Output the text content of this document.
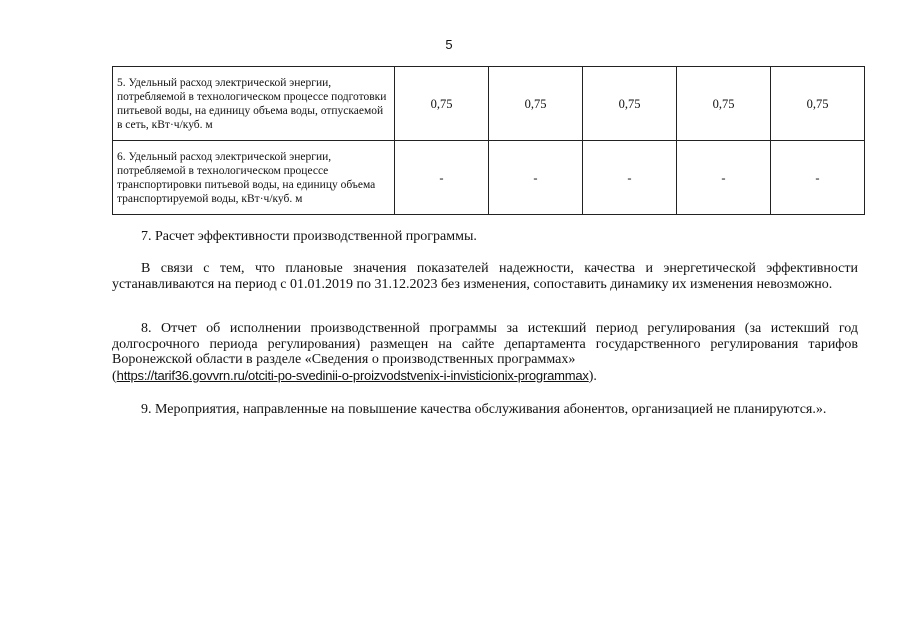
5
5. Удельный расход электрической энергии, потребляемой в технологическом процессе подготовки питьевой воды, на единицу объема воды, отпускаемой в сеть, кВт·ч/куб. м	0,75	0,75	0,75	0,75	0,75
6. Удельный расход электрической энергии, потребляемой в технологическом процессе транспортировки питьевой воды, на единицу объема транспортируемой воды, кВт·ч/куб. м	-	-	-	-	-

7. Расчет эффективности производственной программы.

В связи с тем, что плановые значения показателей надежности, качества и энергетической эффективности устанавливаются на период с 01.01.2019 по 31.12.2023 без изменения, сопоставить динамику их изменения невозможно.

8. Отчет об исполнении производственной программы за истекший период регулирования (за истекший год долгосрочного периода регулирования) размещен на сайте департамента государственного регулирования тарифов Воронежской области в разделе «Сведения о производственных программах»
(https://tarif36.govvrn.ru/otciti-po-svedinii-o-proizvodstvenix-i-invisticionix-programmax).

9. Мероприятия, направленные на повышение качества обслуживания абонентов, организацией не планируются.».
